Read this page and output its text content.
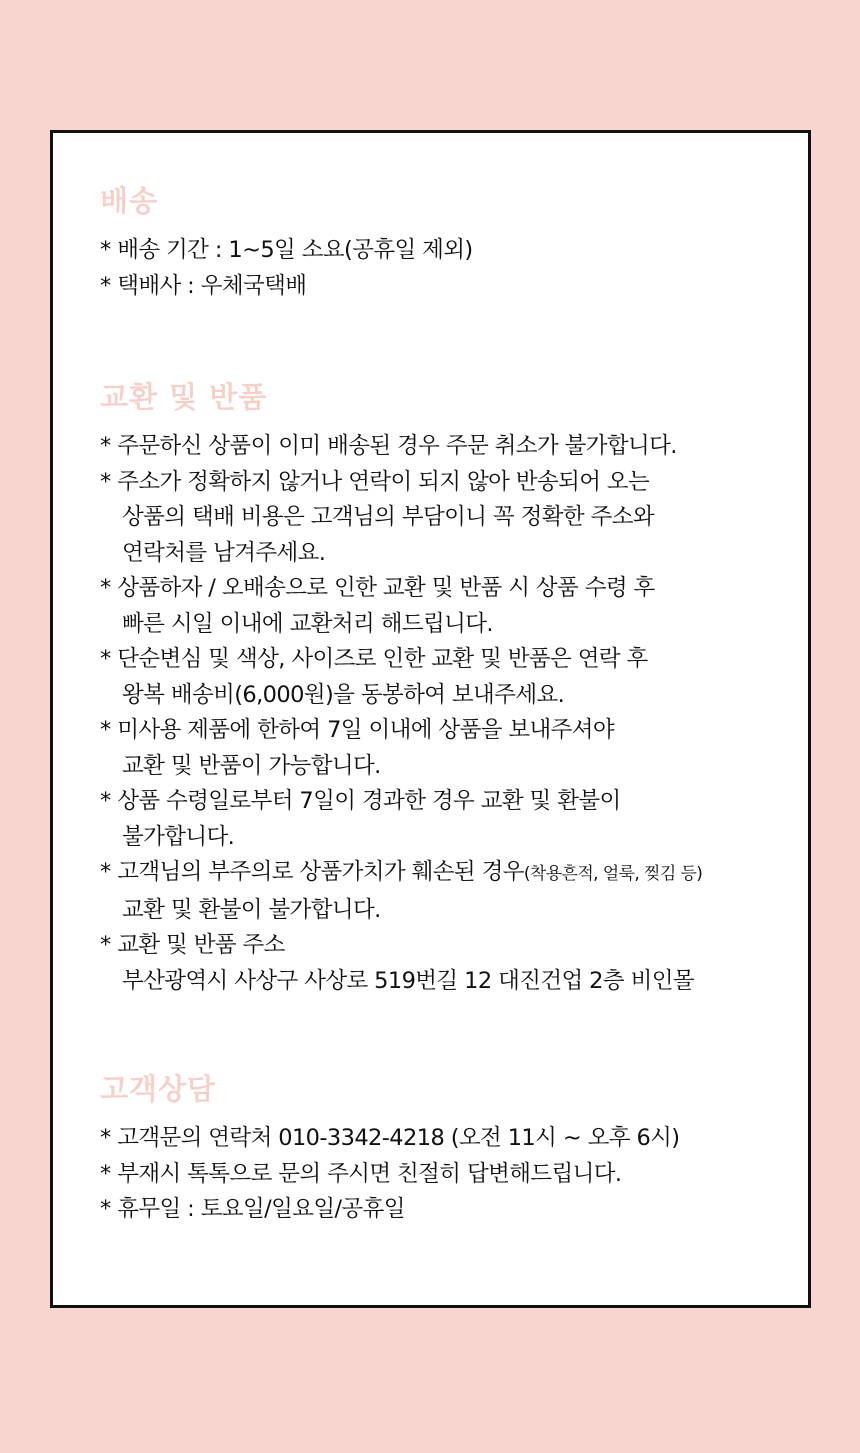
배송
* 배송 기간 : 1~5일 소요(공휴일 제외)
* 택배사 : 우체국택배
교환 및 반품
* 주문하신 상품이 이미 배송된 경우 주문 취소가 불가합니다.
* 주소가 정확하지 않거나 연락이 되지 않아 반송되어 오는
상품의 택배 비용은 고객님의 부담이니 꼭 정확한 주소와
연락처를 남겨주세요.
* 상품하자 / 오배송으로 인한 교환 및 반품 시 상품 수령 후
빠른 시일 이내에 교환처리 해드립니다.
* 단순변심 및 색상, 사이즈로 인한 교환 및 반품은 연락 후
왕복 배송비(6,000원)을 동봉하여 보내주세요.
* 미사용 제품에 한하여 7일 이내에 상품을 보내주셔야
교환 및 반품이 가능합니다.
* 상품 수령일로부터 7일이 경과한 경우 교환 및 환불이
불가합니다.
* 고객님의 부주의로 상품가치가 훼손된 경우(착용흔적, 얼룩, 찢김 등)
교환 및 환불이 불가합니다.
* 교환 및 반품 주소
부산광역시 사상구 사상로 519번길 12 대진건업 2층 비인몰
고객상담
* 고객문의 연락처 010-3342-4218 (오전 11시 ~ 오후 6시)
* 부재시 톡톡으로 문의 주시면 친절히 답변해드립니다.
* 휴무일 : 토요일/일요일/공휴일
